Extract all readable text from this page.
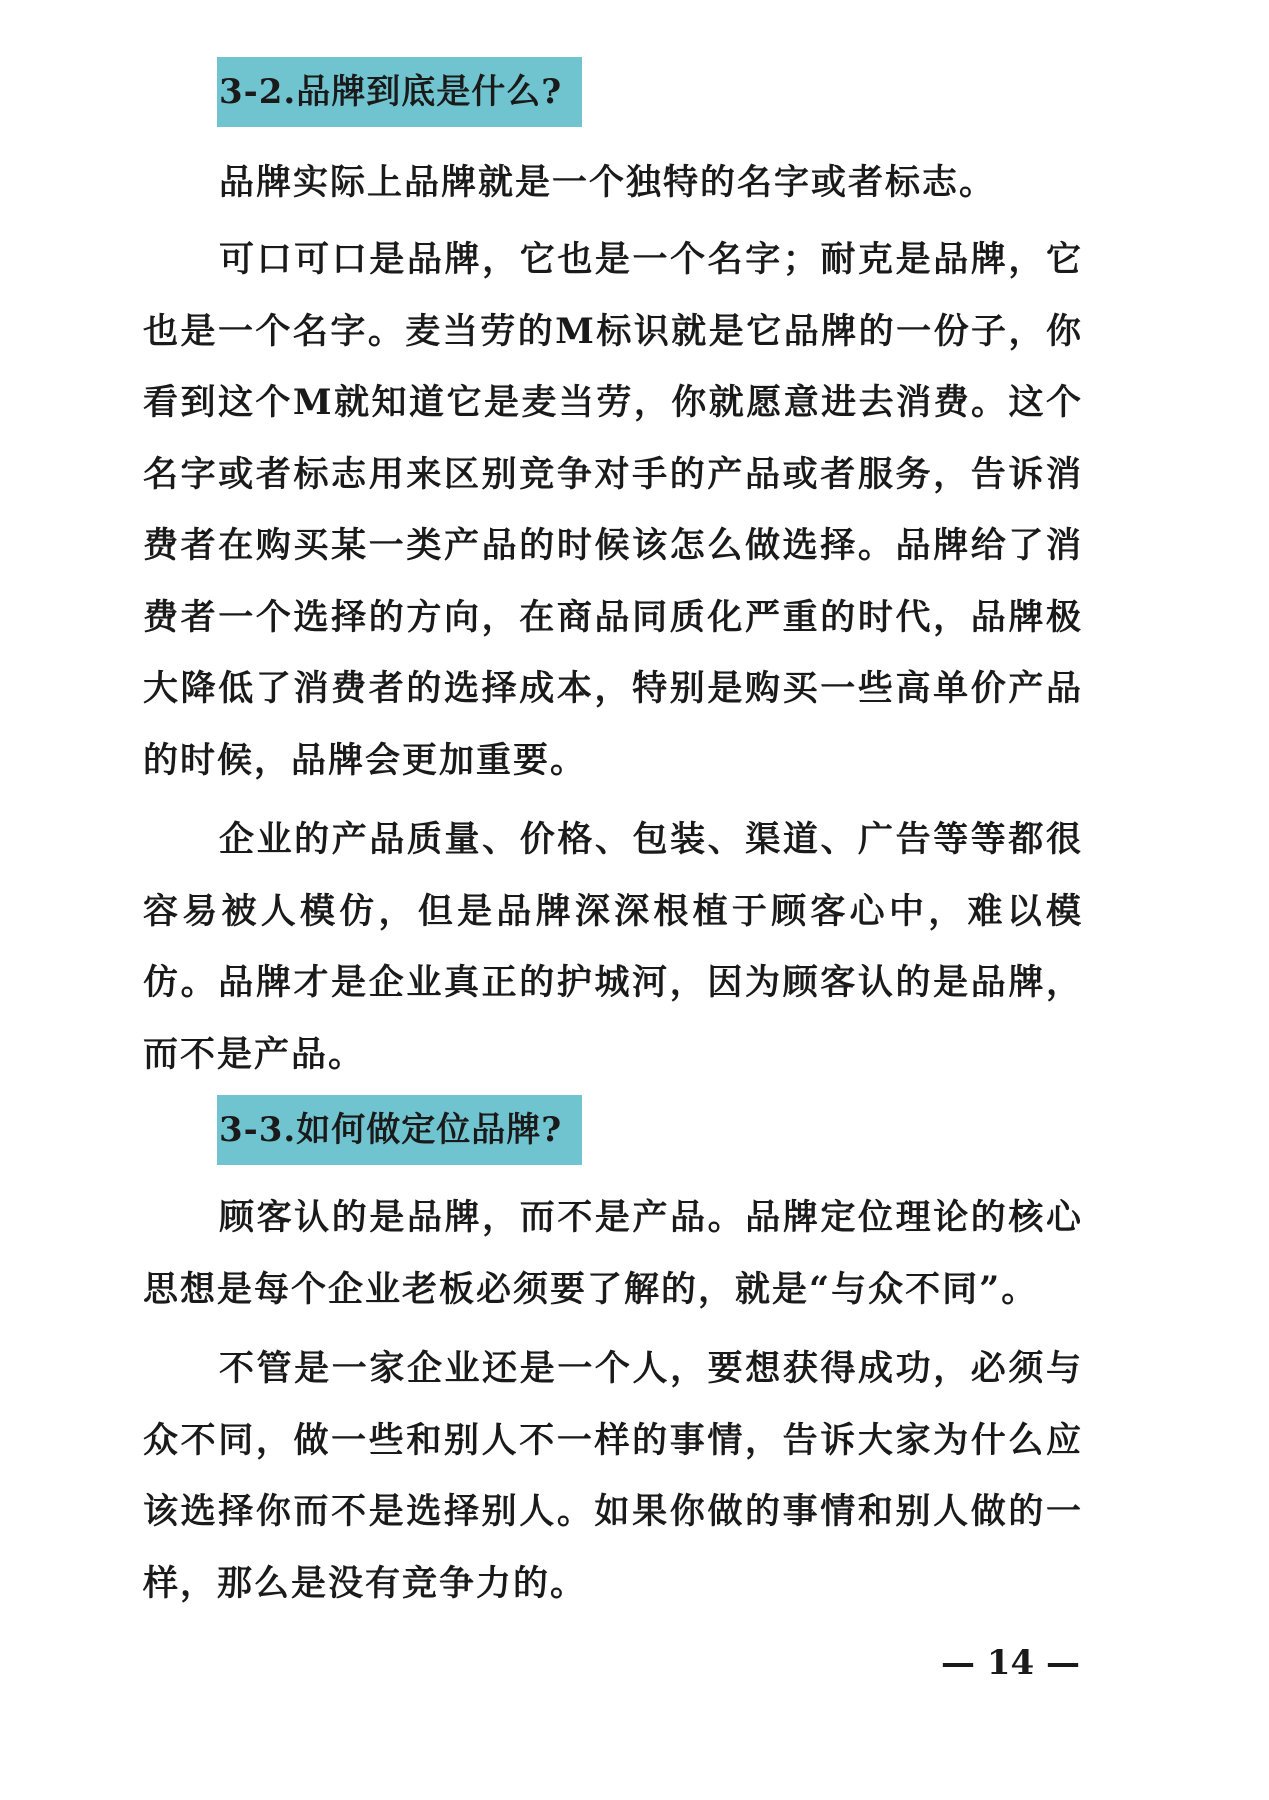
3-2.品牌到底是什么?

品牌实际上品牌就是一个独特的名字或者标志。

可口可口是品牌，它也是一个名字；耐克是品牌，它也是一个名字。麦当劳的M标识就是它品牌的一份子，你看到这个M就知道它是麦当劳，你就愿意进去消费。这个名字或者标志用来区别竞争对手的产品或者服务，告诉消费者在购买某一类产品的时候该怎么做选择。品牌给了消费者一个选择的方向，在商品同质化严重的时代，品牌极大降低了消费者的选择成本，特别是购买一些高单价产品的时候，品牌会更加重要。

企业的产品质量、价格、包装、渠道、广告等等都很容易被人模仿，但是品牌深深根植于顾客心中，难以模仿。品牌才是企业真正的护城河，因为顾客认的是品牌，而不是产品。

3-3.如何做定位品牌?

顾客认的是品牌，而不是产品。品牌定位理论的核心思想是每个企业老板必须要了解的，就是“与众不同”。

不管是一家企业还是一个人，要想获得成功，必须与众不同，做一些和别人不一样的事情，告诉大家为什么应该选择你而不是选择别人。如果你做的事情和别人做的一样，那么是没有竞争力的。

— 14 —
